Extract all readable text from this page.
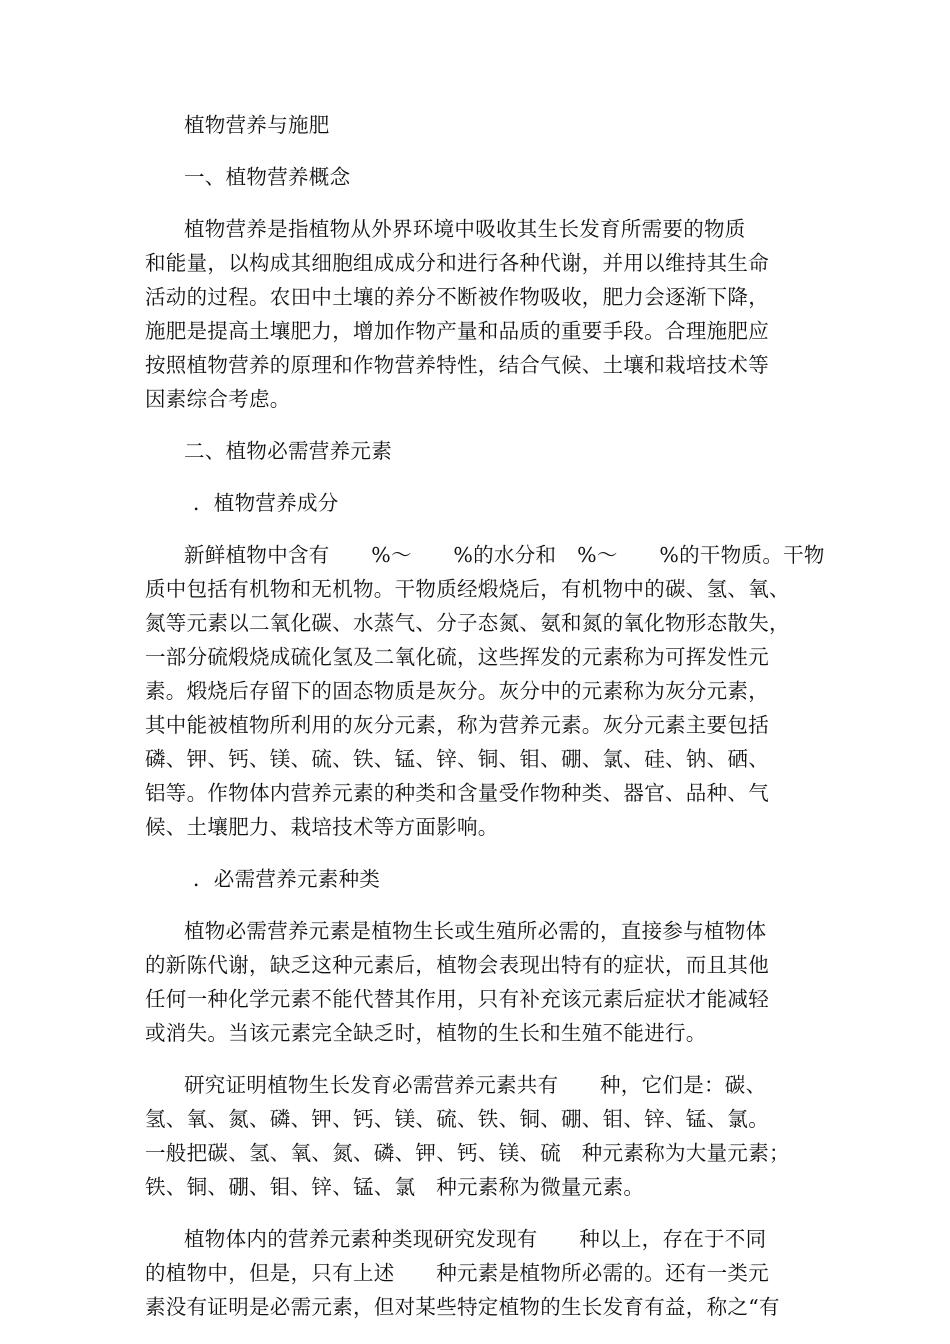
植物营养与施肥
一、植物营养概念
植物营养是指植物从外界环境中吸收其生长发育所需要的物质
和能量，以构成其细胞组成成分和进行各种代谢，并用以维持其生命
活动的过程。农田中土壤的养分不断被作物吸收，肥力会逐渐下降，
施肥是提高土壤肥力，增加作物产量和品质的重要手段。合理施肥应
按照植物营养的原理和作物营养特性，结合气候、土壤和栽培技术等
因素综合考虑。
二、植物必需营养元素
．植物营养成分
新鲜植物中含有　　%～　　%的水分和　%～　　%的干物质。干物
质中包括有机物和无机物。干物质经煅烧后，有机物中的碳、氢、氧、
氮等元素以二氧化碳、水蒸气、分子态氮、氨和氮的氧化物形态散失，
一部分硫煅烧成硫化氢及二氧化硫，这些挥发的元素称为可挥发性元
素。煅烧后存留下的固态物质是灰分。灰分中的元素称为灰分元素，
其中能被植物所利用的灰分元素，称为营养元素。灰分元素主要包括
磷、钾、钙、镁、硫、铁、锰、锌、铜、钼、硼、氯、硅、钠、硒、
铝等。作物体内营养元素的种类和含量受作物种类、器官、品种、气
候、土壤肥力、栽培技术等方面影响。
．必需营养元素种类
植物必需营养元素是植物生长或生殖所必需的，直接参与植物体
的新陈代谢，缺乏这种元素后，植物会表现出特有的症状，而且其他
任何一种化学元素不能代替其作用，只有补充该元素后症状才能减轻
或消失。当该元素完全缺乏时，植物的生长和生殖不能进行。
研究证明植物生长发育必需营养元素共有　　种，它们是：碳、
氢、氧、氮、磷、钾、钙、镁、硫、铁、铜、硼、钼、锌、锰、氯。
一般把碳、氢、氧、氮、磷、钾、钙、镁、硫　种元素称为大量元素；
铁、铜、硼、钼、锌、锰、氯　种元素称为微量元素。
植物体内的营养元素种类现研究发现有　　种以上，存在于不同
的植物中，但是，只有上述　　种元素是植物所必需的。还有一类元
素没有证明是必需元素，但对某些特定植物的生长发育有益，称之“有
